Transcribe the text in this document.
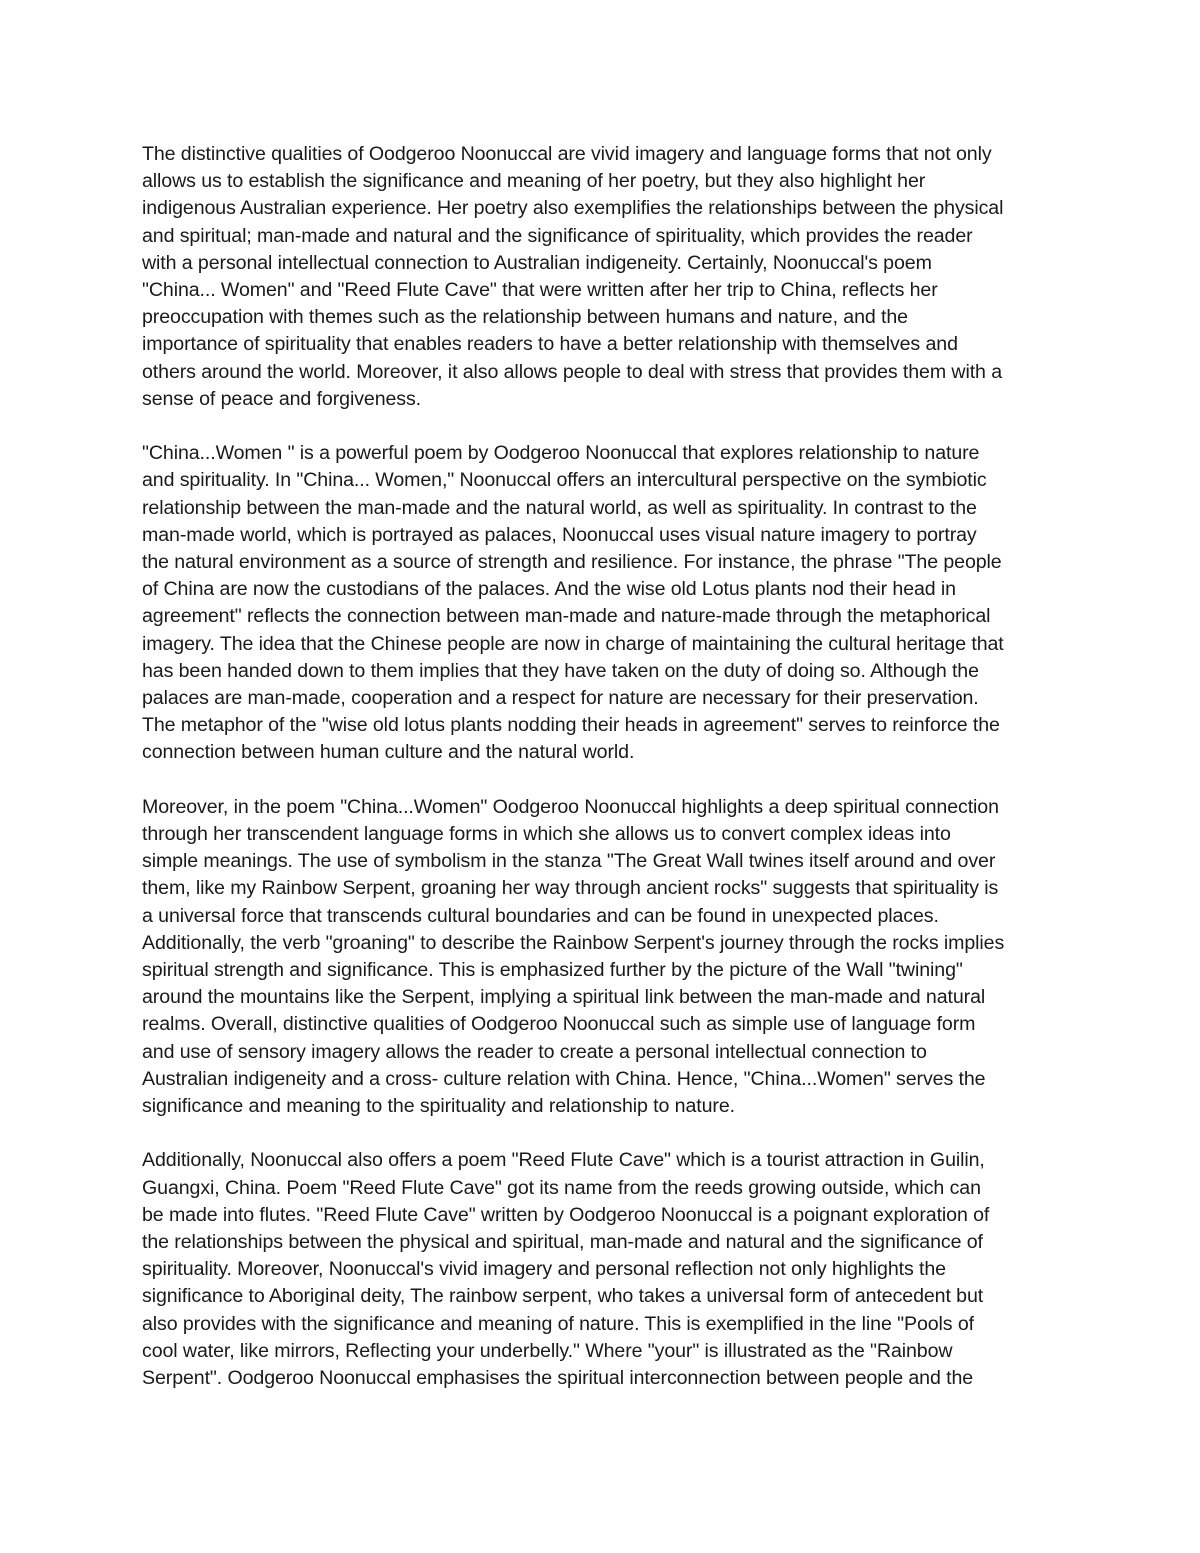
The distinctive qualities of Oodgeroo Noonuccal are vivid imagery and language forms that not only
allows us to establish the significance and meaning of her poetry, but they also highlight her
indigenous Australian experience. Her poetry also exemplifies the relationships between the physical
and spiritual; man-made and natural and the significance of spirituality, which provides the reader
with a personal intellectual connection to Australian indigeneity. Certainly, Noonuccal's poem
"China... Women" and "Reed Flute Cave" that were written after her trip to China, reflects her
preoccupation with themes such as the relationship between humans and nature, and the
importance of spirituality that enables readers to have a better relationship with themselves and
others around the world. Moreover, it also allows people to deal with stress that provides them with a
sense of peace and forgiveness.
"China...Women " is a powerful poem by Oodgeroo Noonuccal that explores relationship to nature
and spirituality. In "China... Women," Noonuccal offers an intercultural perspective on the symbiotic
relationship between the man-made and the natural world, as well as spirituality. In contrast to the
man-made world, which is portrayed as palaces, Noonuccal uses visual nature imagery to portray
the natural environment as a source of strength and resilience. For instance, the phrase "The people
of China are now the custodians of the palaces. And the wise old Lotus plants nod their head in
agreement" reflects the connection between man-made and nature-made through the metaphorical
imagery. The idea that the Chinese people are now in charge of maintaining the cultural heritage that
has been handed down to them implies that they have taken on the duty of doing so. Although the
palaces are man-made, cooperation and a respect for nature are necessary for their preservation.
The metaphor of the "wise old lotus plants nodding their heads in agreement" serves to reinforce the
connection between human culture and the natural world.
Moreover, in the poem "China...Women" Oodgeroo Noonuccal highlights a deep spiritual connection
through her transcendent language forms in which she allows us to convert complex ideas into
simple meanings. The use of symbolism in the stanza "The Great Wall twines itself around and over
them, like my Rainbow Serpent, groaning her way through ancient rocks" suggests that spirituality is
a universal force that transcends cultural boundaries and can be found in unexpected places.
Additionally, the verb "groaning" to describe the Rainbow Serpent's journey through the rocks implies
spiritual strength and significance. This is emphasized further by the picture of the Wall "twining"
around the mountains like the Serpent, implying a spiritual link between the man-made and natural
realms. Overall, distinctive qualities of Oodgeroo Noonuccal such as simple use of language form
and use of sensory imagery allows the reader to create a personal intellectual connection to
Australian indigeneity and a cross- culture relation with China. Hence, "China...Women" serves the
significance and meaning to the spirituality and relationship to nature.
Additionally, Noonuccal also offers a poem "Reed Flute Cave" which is a tourist attraction in Guilin,
Guangxi, China. Poem "Reed Flute Cave" got its name from the reeds growing outside, which can
be made into flutes. "Reed Flute Cave" written by Oodgeroo Noonuccal is a poignant exploration of
the relationships between the physical and spiritual, man-made and natural and the significance of
spirituality. Moreover, Noonuccal's vivid imagery and personal reflection not only highlights the
significance to Aboriginal deity, The rainbow serpent, who takes a universal form of antecedent but
also provides with the significance and meaning of nature. This is exemplified in the line "Pools of
cool water, like mirrors, Reflecting your underbelly." Where "your" is illustrated as the "Rainbow
Serpent". Oodgeroo Noonuccal emphasises the spiritual interconnection between people and the
